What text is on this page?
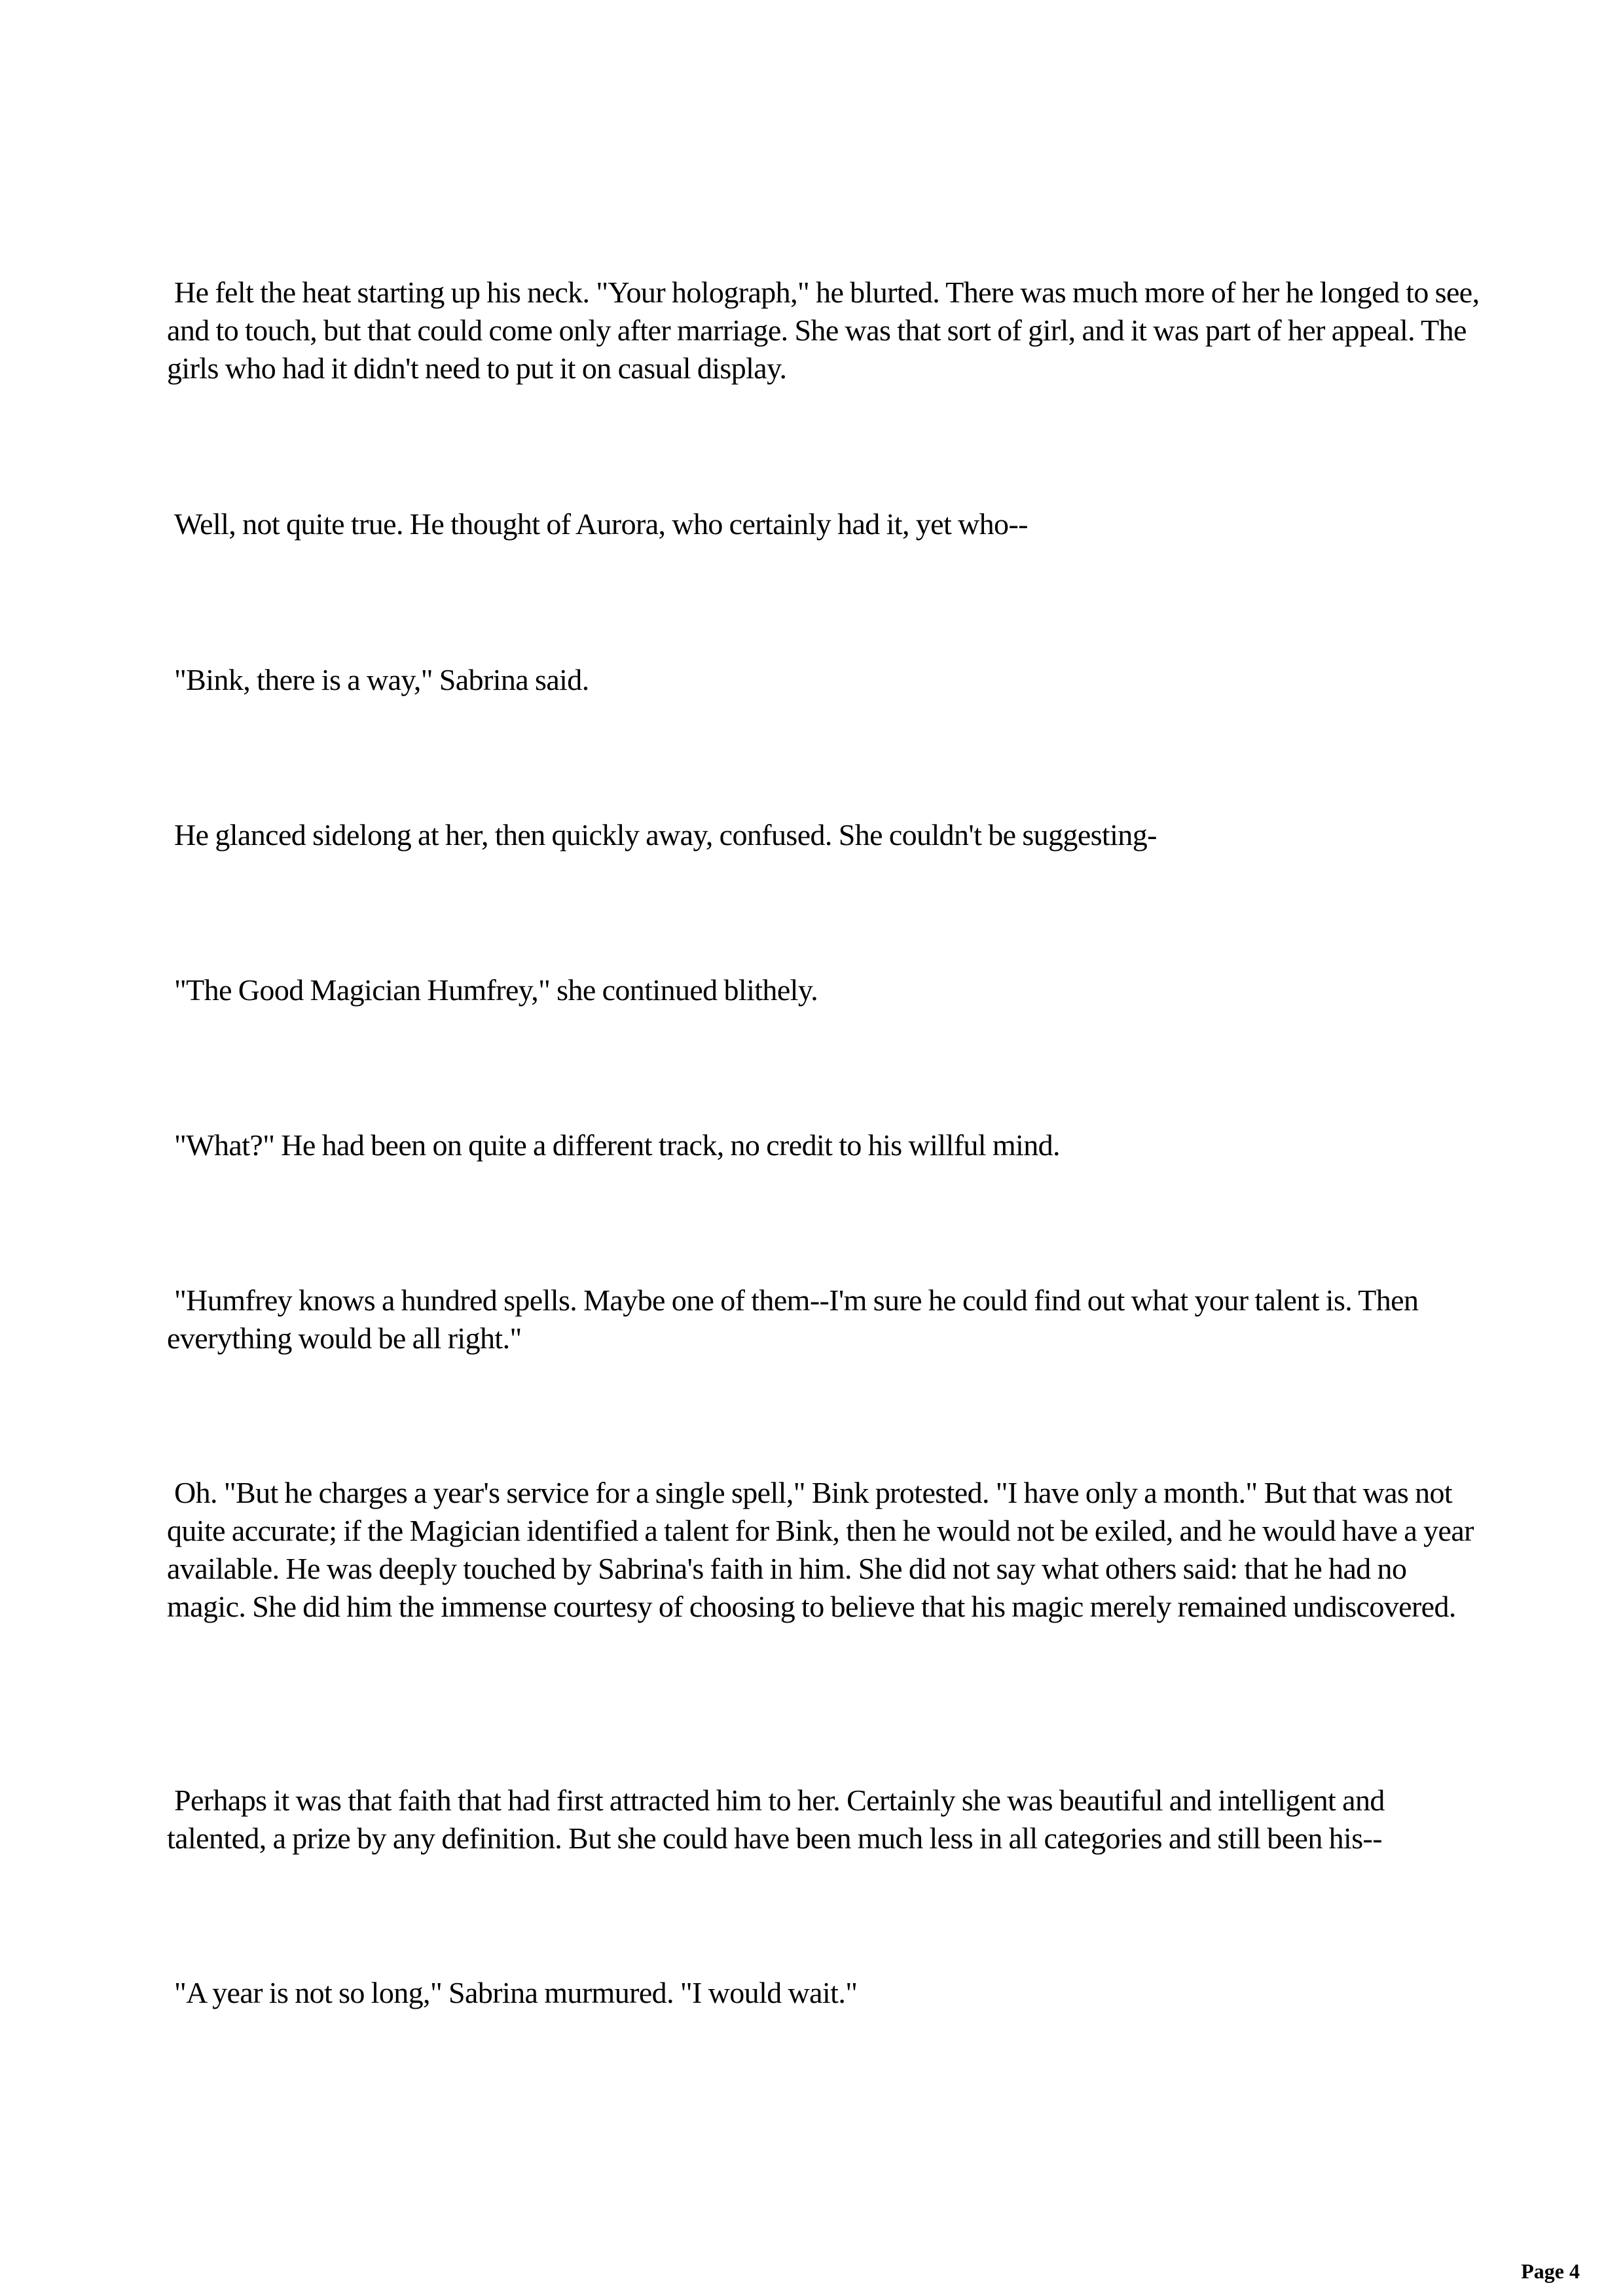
He felt the heat starting up his neck. "Your holograph," he blurted. There was much more of her he longed to see, and to touch, but that could come only after marriage. She was that sort of girl, and it was part of her appeal. The girls who had it didn't need to put it on casual display.

Well, not quite true. He thought of Aurora, who certainly had it, yet who--

"Bink, there is a way," Sabrina said.

He glanced sidelong at her, then quickly away, confused. She couldn't be suggesting-

"The Good Magician Humfrey," she continued blithely.

"What?" He had been on quite a different track, no credit to his willful mind.

"Humfrey knows a hundred spells. Maybe one of them--I'm sure he could find out what your talent is. Then everything would be all right."

Oh. "But he charges a year's service for a single spell," Bink protested. "I have only a month." But that was not quite accurate; if the Magician identified a talent for Bink, then he would not be exiled, and he would have a year available. He was deeply touched by Sabrina's faith in him. She did not say what others said: that he had no magic. She did him the immense courtesy of choosing to believe that his magic merely remained undiscovered.

Perhaps it was that faith that had first attracted him to her. Certainly she was beautiful and intelligent and talented, a prize by any definition. But she could have been much less in all categories and still been his--

"A year is not so long," Sabrina murmured. "I would wait."

Page 4
